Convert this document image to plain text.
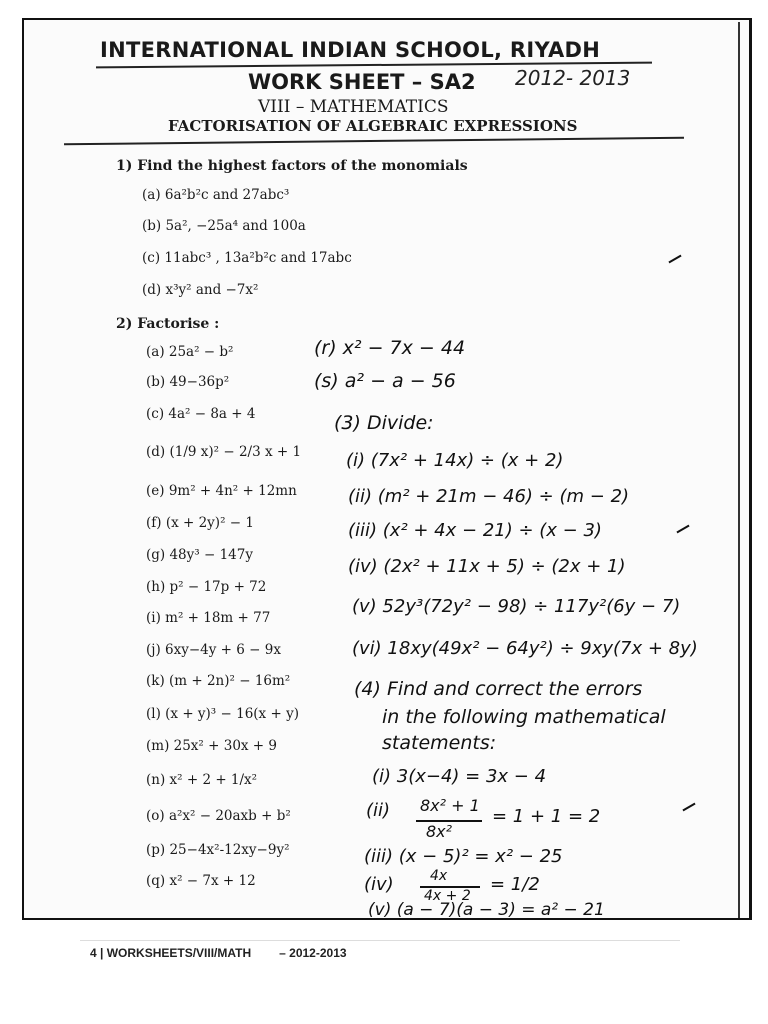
INTERNATIONAL INDIAN SCHOOL, RIYADH
WORK SHEET – SA2 2012- 2013
VIII – MATHEMATICS
FACTORISATION OF ALGEBRAIC EXPRESSIONS
1) Find the highest factors of the monomials
(a) 6a²b²c and 27abc³
(b) 5a², −25a⁴ and 100a
(c) 11abc³ , 13a²b²c and 17abc
(d) x³y² and −7x²
2) Factorise :
(a) 25a² − b²
(b) 49−36p²
(c) 4a² − 8a + 4
(d) (1/9 x)² − 2/3 x + 1
(e) 9m² + 4n² + 12mn
(f) (x + 2y)² − 1
(g) 48y³ − 147y
(h) p² − 17p + 72
(i) m² + 18m + 77
(j) 6xy−4y + 6 − 9x
(k) (m + 2n)² − 16m²
(l) (x + y)³ − 16(x + y)
(m) 25x² + 30x + 9
(n) x² + 2 + 1/x²
(o) a²x² − 20axb + b²
(p) 25−4x²-12xy−9y²
(q) x² − 7x + 12
(r) x² − 7x − 44
(s) a² − a − 56
(3) Divide:
(i) (7x² + 14x) ÷ (x + 2)
(ii) (m² + 21m − 46) ÷ (m − 2)
(iii) (x² + 4x − 21) ÷ (x − 3)
(iv) (2x² + 11x + 5) ÷ (2x + 1)
(v) 52y³(72y² − 98) ÷ 117y²(6y − 7)
(vi) 18xy(49x² − 64y²) ÷ 9xy(7x + 8y)
(4) Find and correct the errors
in the following mathematical
statements:
(i) 3(x−4) = 3x − 4
(ii) 8x² + 1
8x²
= 1 + 1 = 2
(iii) (x − 5)² = x² − 25
(iv)	4x
4x + 2
= 1/2
(v) (a − 7)(a − 3) = a² − 21
4 | WORKSHEETS/VIII/MATH – 2012-2013
